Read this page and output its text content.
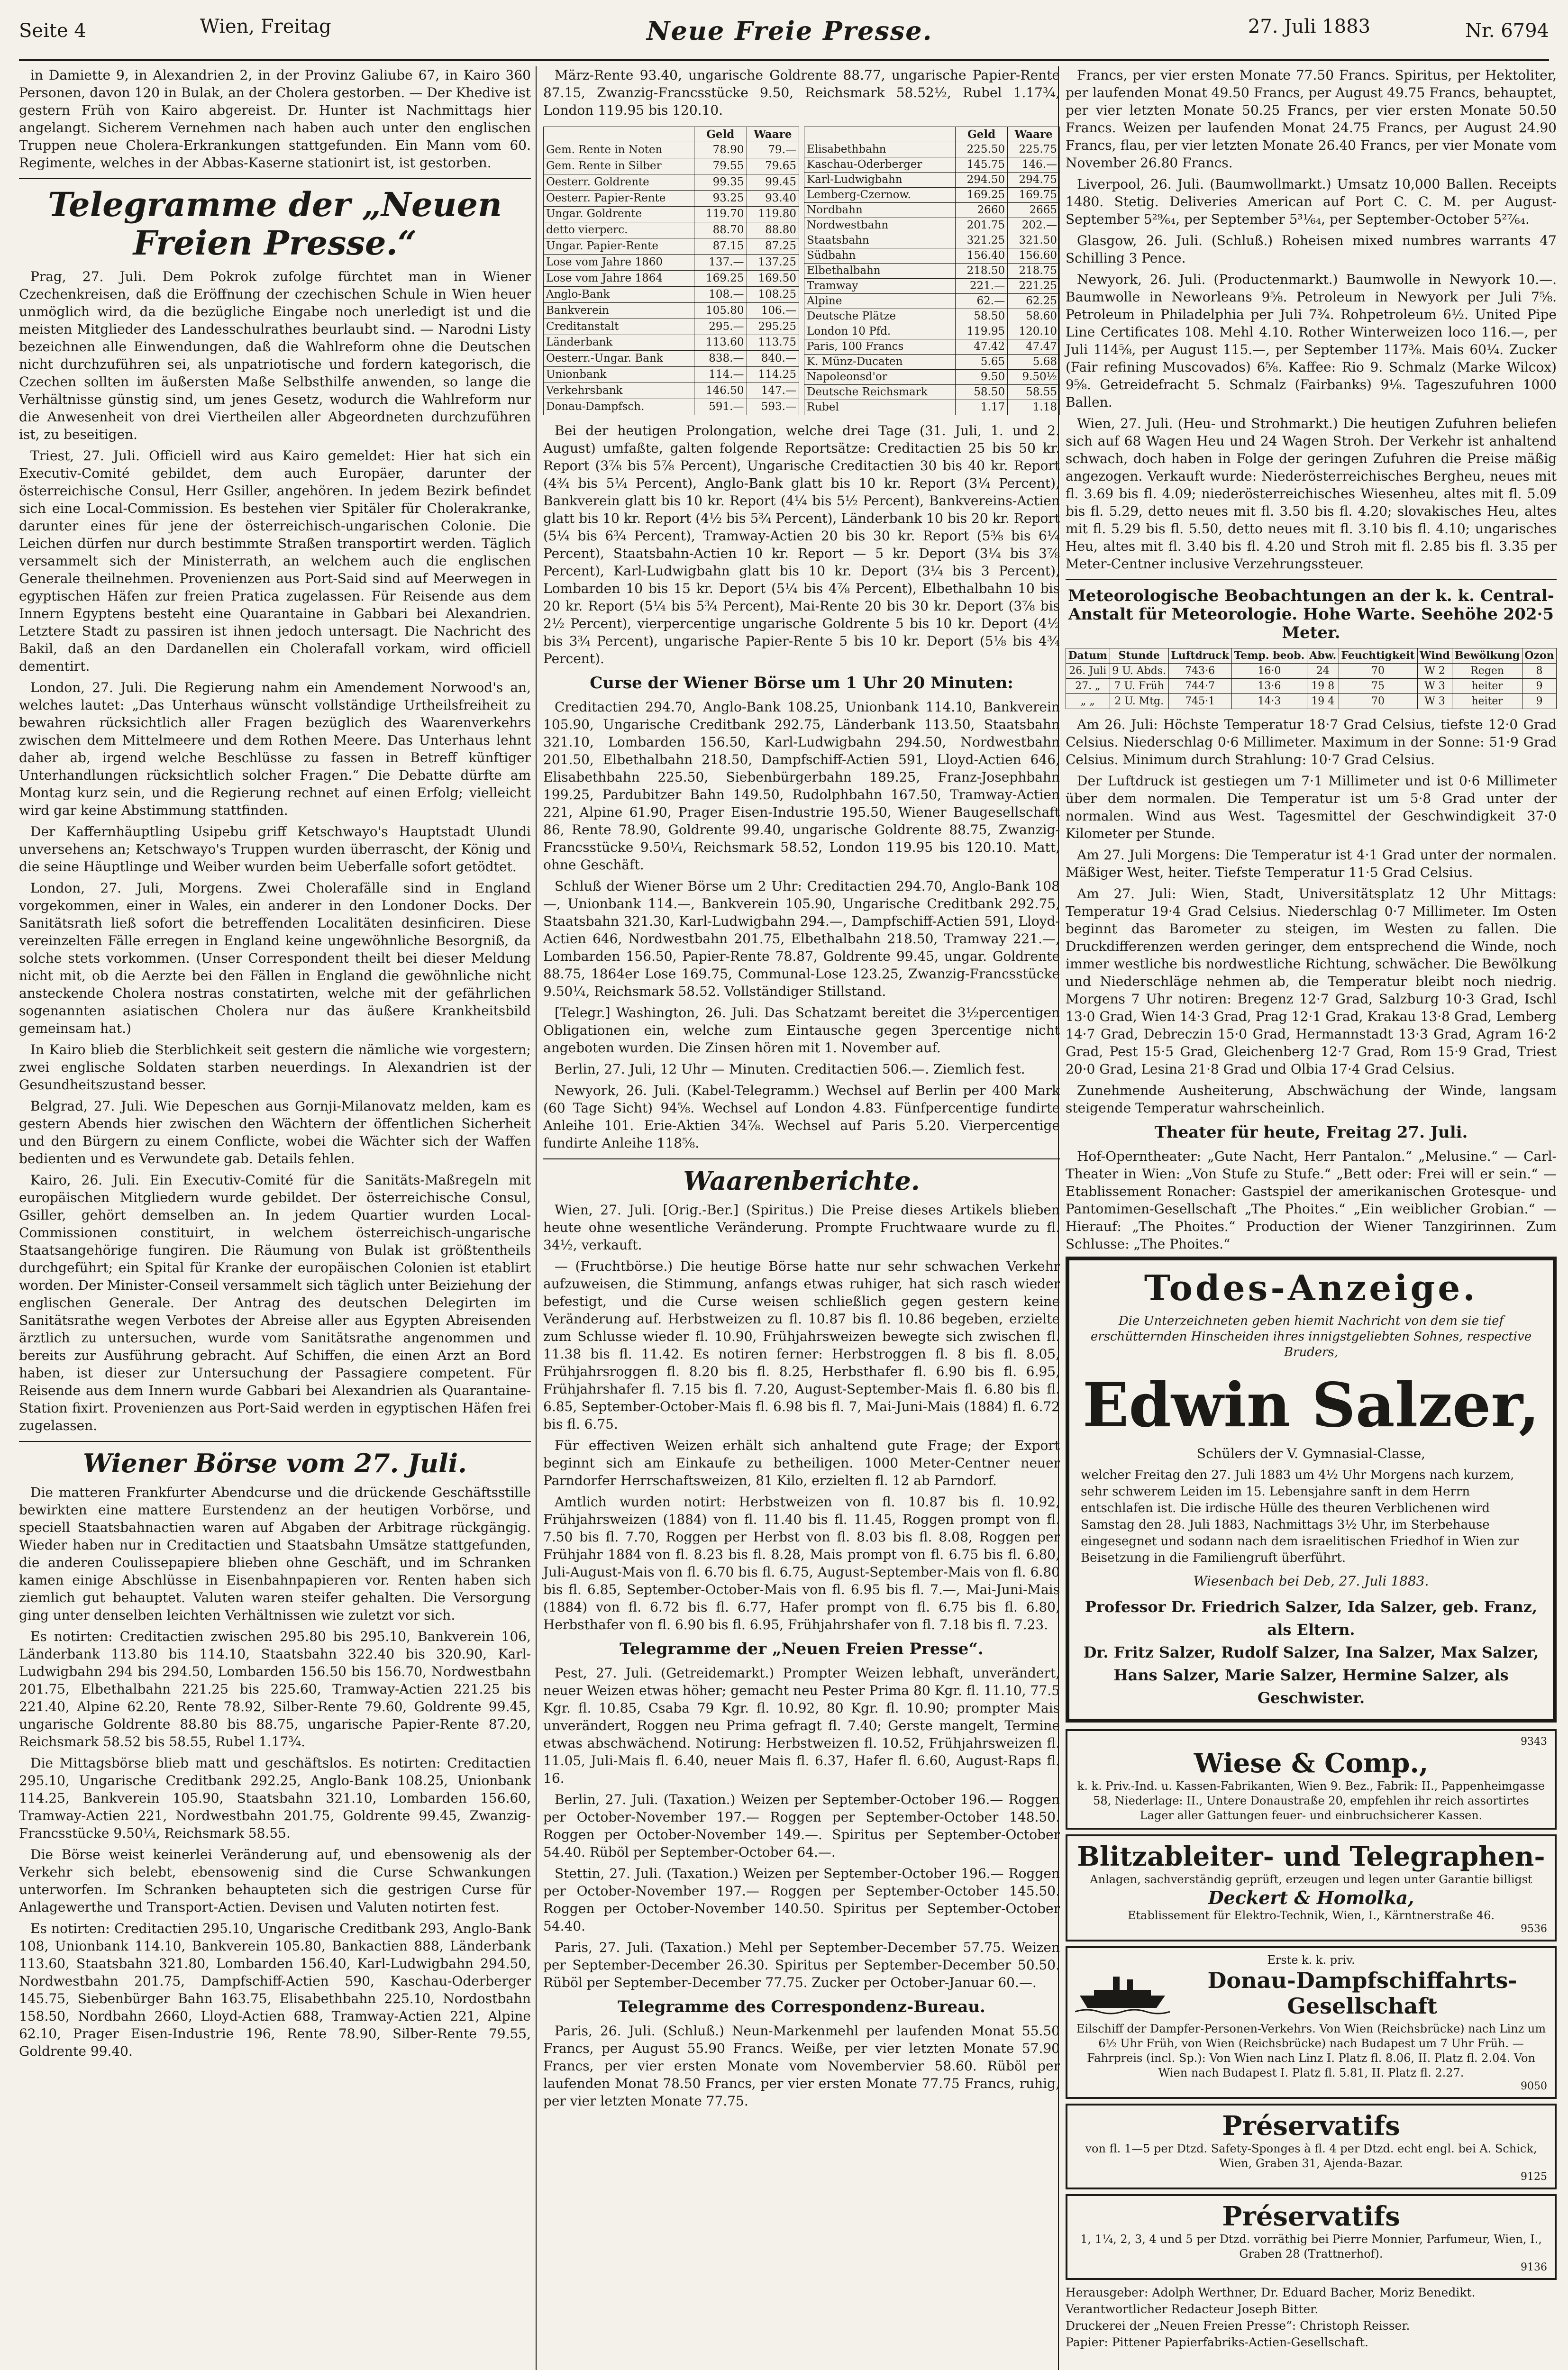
Seite 4	Wien, Freitag	Neue Freie Presse.	27. Juli 1883	Nr. 6794

in Damiette 9, in Alexandrien 2, in der Provinz Galiube 67, in Kairo 360 Personen, davon 120 in Bulak, an der Cholera gestorben. — Der Khedive ist gestern Früh von Kairo abgereist. Dr. Hunter ist Nachmittags hier angelangt. Sicherem Vernehmen nach haben auch unter den englischen Truppen neue Cholera-Erkrankungen stattgefunden. Ein Mann vom 60. Regimente, welches in der Abbas-Kaserne stationirt ist, ist gestorben.

Telegramme der „Neuen Freien Presse.“

Prag, 27. Juli. Dem Pokrok zufolge fürchtet man in Wiener Czechenkreisen, daß die Eröffnung der czechischen Schule in Wien heuer unmöglich wird, da die bezügliche Eingabe noch unerledigt ist und die meisten Mitglieder des Landesschulrathes beurlaubt sind. — Narodni Listy bezeichnen alle Einwendungen, daß die Wahlreform ohne die Deutschen nicht durchzuführen sei, als unpatriotische und fordern kategorisch, die Czechen sollten im äußersten Maße Selbsthilfe anwenden, so lange die Verhältnisse günstig sind, um jenes Gesetz, wodurch die Wahlreform nur die Anwesenheit von drei Viertheilen aller Abgeordneten durchzuführen ist, zu beseitigen.

Triest, 27. Juli. Officiell wird aus Kairo gemeldet: Hier hat sich ein Executiv-Comité gebildet, dem auch Europäer, darunter der österreichische Consul, Herr Gsiller, angehören. In jedem Bezirk befindet sich eine Local-Commission. Es bestehen vier Spitäler für Cholerakranke, darunter eines für jene der österreichisch-ungarischen Colonie. Die Leichen dürfen nur durch bestimmte Straßen transportirt werden. Täglich versammelt sich der Ministerrath, an welchem auch die englischen Generale theilnehmen. Provenienzen aus Port-Said sind auf Meerwegen in egyptischen Häfen zur freien Pratica zugelassen. Für Reisende aus dem Innern Egyptens besteht eine Quarantaine in Gabbari bei Alexandrien. Letztere Stadt zu passiren ist ihnen jedoch untersagt. Die Nachricht des Bakil, daß an den Dardanellen ein Cholerafall vorkam, wird officiell dementirt.

London, 27. Juli. Die Regierung nahm ein Amendement Norwood's an, welches lautet: „Das Unterhaus wünscht vollständige Urtheilsfreiheit zu bewahren rücksichtlich aller Fragen bezüglich des Waarenverkehrs zwischen dem Mittelmeere und dem Rothen Meere. Das Unterhaus lehnt daher ab, irgend welche Beschlüsse zu fassen in Betreff künftiger Unterhandlungen rücksichtlich solcher Fragen.“ Die Debatte dürfte am Montag kurz sein, und die Regierung rechnet auf einen Erfolg; vielleicht wird gar keine Abstimmung stattfinden.

Der Kaffernhäuptling Usipebu griff Ketschwayo's Hauptstadt Ulundi unversehens an; Ketschwayo's Truppen wurden überrascht, der König und die seine Häuptlinge und Weiber wurden beim Ueberfalle sofort getödtet.

London, 27. Juli, Morgens. Zwei Cholerafälle sind in England vorgekommen, einer in Wales, ein anderer in den Londoner Docks. Der Sanitätsrath ließ sofort die betreffenden Localitäten desinficiren. Diese vereinzelten Fälle erregen in England keine ungewöhnliche Besorgniß, da solche stets vorkommen. (Unser Correspondent theilt bei dieser Meldung nicht mit, ob die Aerzte bei den Fällen in England die gewöhnliche nicht ansteckende Cholera nostras constatirten, welche mit der gefährlichen sogenannten asiatischen Cholera nur das äußere Krankheitsbild gemeinsam hat.)

In Kairo blieb die Sterblichkeit seit gestern die nämliche wie vorgestern; zwei englische Soldaten starben neuerdings. In Alexandrien ist der Gesundheitszustand besser.

Belgrad, 27. Juli. Wie Depeschen aus Gornji-Milanovatz melden, kam es gestern Abends hier zwischen den Wächtern der öffentlichen Sicherheit und den Bürgern zu einem Conflicte, wobei die Wächter sich der Waffen bedienten und es Verwundete gab. Details fehlen.

Kairo, 26. Juli. Ein Executiv-Comité für die Sanitäts-Maßregeln mit europäischen Mitgliedern wurde gebildet. Der österreichische Consul, Gsiller, gehört demselben an. In jedem Quartier wurden Local-Commissionen constituirt, in welchem österreichisch-ungarische Staatsangehörige fungiren. Die Räumung von Bulak ist größtentheils durchgeführt; ein Spital für Kranke der europäischen Colonien ist etablirt worden. Der Minister-Conseil versammelt sich täglich unter Beiziehung der englischen Generale. Der Antrag des deutschen Delegirten im Sanitätsrathe wegen Verbotes der Abreise aller aus Egypten Abreisenden ärztlich zu untersuchen, wurde vom Sanitätsrathe angenommen und bereits zur Ausführung gebracht. Auf Schiffen, die einen Arzt an Bord haben, ist dieser zur Untersuchung der Passagiere competent. Für Reisende aus dem Innern wurde Gabbari bei Alexandrien als Quarantaine-Station fixirt. Provenienzen aus Port-Said werden in egyptischen Häfen frei zugelassen.

Wiener Börse vom 27. Juli.

Die matteren Frankfurter Abendcurse und die drückende Geschäftsstille bewirkten eine mattere Eurstendenz an der heutigen Vorbörse, und speciell Staatsbahnactien waren auf Abgaben der Arbitrage rückgängig. Wieder haben nur in Creditactien und Staatsbahn Umsätze stattgefunden, die anderen Coulissepapiere blieben ohne Geschäft, und im Schranken kamen einige Abschlüsse in Eisenbahnpapieren vor. Renten haben sich ziemlich gut behauptet. Valuten waren steifer gehalten. Die Versorgung ging unter denselben leichten Verhältnissen wie zuletzt vor sich.

Es notirten: Creditactien zwischen 295.80 bis 295.10, Bankverein 106, Länderbank 113.80 bis 114.10, Staatsbahn 322.40 bis 320.90, Karl-Ludwigbahn 294 bis 294.50, Lombarden 156.50 bis 156.70, Nordwestbahn 201.75, Elbethalbahn 221.25 bis 225.60, Tramway-Actien 221.25 bis 221.40, Alpine 62.20, Rente 78.92, Silber-Rente 79.60, Goldrente 99.45, ungarische Goldrente 88.80 bis 88.75, ungarische Papier-Rente 87.20, Reichsmark 58.52 bis 58.55, Rubel 1.17¾.

Die Mittagsbörse blieb matt und geschäftslos. Es notirten: Creditactien 295.10, Ungarische Creditbank 292.25, Anglo-Bank 108.25, Unionbank 114.25, Bankverein 105.90, Staatsbahn 321.10, Lombarden 156.60, Tramway-Actien 221, Nordwestbahn 201.75, Goldrente 99.45, Zwanzig-Francsstücke 9.50¼, Reichsmark 58.55.

Die Börse weist keinerlei Veränderung auf, und ebensowenig als der Verkehr sich belebt, ebensowenig sind die Curse Schwankungen unterworfen. Im Schranken behaupteten sich die gestrigen Curse für Anlagewerthe und Transport-Actien. Devisen und Valuten notirten fest.

Es notirten: Creditactien 295.10, Ungarische Creditbank 293, Anglo-Bank 108, Unionbank 114.10, Bankverein 105.80, Bankactien 888, Länderbank 113.60, Staatsbahn 321.80, Lombarden 156.40, Karl-Ludwigbahn 294.50, Nordwestbahn 201.75, Dampfschiff-Actien 590, Kaschau-Oderberger 145.75, Siebenbürger Bahn 163.75, Elisabethbahn 225.10, Nordostbahn 158.50, Nordbahn 2660, Lloyd-Actien 688, Tramway-Actien 221, Alpine 62.10, Prager Eisen-Industrie 196, Rente 78.90, Silber-Rente 79.55, Goldrente 99.40.

März-Rente 93.40, ungarische Goldrente 88.77, ungarische Papier-Rente 87.15, Zwanzig-Francsstücke 9.50, Reichsmark 58.52½, Rubel 1.17¾, London 119.95 bis 120.10.

	Geld	Waare
Gem. Rente in Noten	78.90	79.—
Gem. Rente in Silber	79.55	79.65
Oesterr. Goldrente	99.35	99.45
Oesterr. Papier-Rente	93.25	93.40
Ungar. Goldrente	119.70	119.80
detto vierperc.	88.70	88.80
Ungar. Papier-Rente	87.15	87.25
Lose vom Jahre 1860	137.—	137.25
Lose vom Jahre 1864	169.25	169.50
Anglo-Bank	108.—	108.25
Bankverein	105.80	106.—
Creditanstalt	295.—	295.25
Länderbank	113.60	113.75
Oesterr.-Ungar. Bank	838.—	840.—
Unionbank	114.—	114.25
Verkehrsbank	146.50	147.—
Donau-Dampfsch.	591.—	593.—
	Geld	Waare
Elisabethbahn	225.50	225.75
Kaschau-Oderberger	145.75	146.—
Karl-Ludwigbahn	294.50	294.75
Lemberg-Czernow.	169.25	169.75
Nordbahn	2660	2665
Nordwestbahn	201.75	202.—
Staatsbahn	321.25	321.50
Südbahn	156.40	156.60
Elbethalbahn	218.50	218.75
Tramway	221.—	221.25
Alpine	62.—	62.25
Deutsche Plätze	58.50	58.60
London 10 Pfd.	119.95	120.10
Paris, 100 Francs	47.42	47.47
K. Münz-Ducaten	5.65	5.68
Napoleonsd'or	9.50	9.50½
Deutsche Reichsmark	58.50	58.55
Rubel	1.17	1.18

Bei der heutigen Prolongation, welche drei Tage (31. Juli, 1. und 2. August) umfaßte, galten folgende Reportsätze: Creditactien 25 bis 50 kr. Report (3⅞ bis 5⅞ Percent), Ungarische Creditactien 30 bis 40 kr. Report (4¾ bis 5¼ Percent), Anglo-Bank glatt bis 10 kr. Report (3¼ Percent), Bankverein glatt bis 10 kr. Report (4¼ bis 5½ Percent), Bankvereins-Actien glatt bis 10 kr. Report (4½ bis 5¾ Percent), Länderbank 10 bis 20 kr. Report (5¼ bis 6¾ Percent), Tramway-Actien 20 bis 30 kr. Report (5⅜ bis 6¼ Percent), Staatsbahn-Actien 10 kr. Report — 5 kr. Deport (3¼ bis 3⅞ Percent), Karl-Ludwigbahn glatt bis 10 kr. Deport (3¼ bis 3 Percent), Lombarden 10 bis 15 kr. Deport (5¼ bis 4⅞ Percent), Elbethalbahn 10 bis 20 kr. Report (5¼ bis 5¾ Percent), Mai-Rente 20 bis 30 kr. Deport (3⅞ bis 2½ Percent), vierpercentige ungarische Goldrente 5 bis 10 kr. Deport (4½ bis 3¾ Percent), ungarische Papier-Rente 5 bis 10 kr. Deport (5⅛ bis 4¾ Percent).

Curse der Wiener Börse um 1 Uhr 20 Minuten:

Creditactien 294.70, Anglo-Bank 108.25, Unionbank 114.10, Bankverein 105.90, Ungarische Creditbank 292.75, Länderbank 113.50, Staatsbahn 321.10, Lombarden 156.50, Karl-Ludwigbahn 294.50, Nordwestbahn 201.50, Elbethalbahn 218.50, Dampfschiff-Actien 591, Lloyd-Actien 646, Elisabethbahn 225.50, Siebenbürgerbahn 189.25, Franz-Josephbahn 199.25, Pardubitzer Bahn 149.50, Rudolphbahn 167.50, Tramway-Actien 221, Alpine 61.90, Prager Eisen-Industrie 195.50, Wiener Baugesellschaft 86, Rente 78.90, Goldrente 99.40, ungarische Goldrente 88.75, Zwanzig-Francsstücke 9.50¼, Reichsmark 58.52, London 119.95 bis 120.10. Matt, ohne Geschäft.

Schluß der Wiener Börse um 2 Uhr: Creditactien 294.70, Anglo-Bank 108 —, Unionbank 114.—, Bankverein 105.90, Ungarische Creditbank 292.75, Staatsbahn 321.30, Karl-Ludwigbahn 294.—, Dampfschiff-Actien 591, Lloyd-Actien 646, Nordwestbahn 201.75, Elbethalbahn 218.50, Tramway 221.—, Lombarden 156.50, Papier-Rente 78.87, Goldrente 99.45, ungar. Goldrente 88.75, 1864er Lose 169.75, Communal-Lose 123.25, Zwanzig-Francsstücke 9.50¼, Reichsmark 58.52. Vollständiger Stillstand.

[Telegr.] Washington, 26. Juli. Das Schatzamt bereitet die 3½percentigen Obligationen ein, welche zum Eintausche gegen 3percentige nicht angeboten wurden. Die Zinsen hören mit 1. November auf.

Berlin, 27. Juli, 12 Uhr — Minuten. Creditactien 506.—. Ziemlich fest.

Newyork, 26. Juli. (Kabel-Telegramm.) Wechsel auf Berlin per 400 Mark (60 Tage Sicht) 94⅝. Wechsel auf London 4.83. Fünfpercentige fundirte Anleihe 101. Erie-Aktien 34⅞. Wechsel auf Paris 5.20. Vierpercentige fundirte Anleihe 118⅝.

Waarenberichte.

Wien, 27. Juli. [Orig.-Ber.] (Spiritus.) Die Preise dieses Artikels blieben heute ohne wesentliche Veränderung. Prompte Fruchtwaare wurde zu fl. 34½, verkauft.

— (Fruchtbörse.) Die heutige Börse hatte nur sehr schwachen Verkehr aufzuweisen, die Stimmung, anfangs etwas ruhiger, hat sich rasch wieder befestigt, und die Curse weisen schließlich gegen gestern keine Veränderung auf. Herbstweizen zu fl. 10.87 bis fl. 10.86 begeben, erzielte zum Schlusse wieder fl. 10.90, Frühjahrsweizen bewegte sich zwischen fl. 11.38 bis fl. 11.42. Es notiren ferner: Herbstroggen fl. 8 bis fl. 8.05, Frühjahrsroggen fl. 8.20 bis fl. 8.25, Herbsthafer fl. 6.90 bis fl. 6.95, Frühjahrshafer fl. 7.15 bis fl. 7.20, August-September-Mais fl. 6.80 bis fl. 6.85, September-October-Mais fl. 6.98 bis fl. 7, Mai-Juni-Mais (1884) fl. 6.72 bis fl. 6.75.

Für effectiven Weizen erhält sich anhaltend gute Frage; der Export beginnt sich am Einkaufe zu betheiligen. 1000 Meter-Centner neuer Parndorfer Herrschaftsweizen, 81 Kilo, erzielten fl. 12 ab Parndorf.

Amtlich wurden notirt: Herbstweizen von fl. 10.87 bis fl. 10.92, Frühjahrsweizen (1884) von fl. 11.40 bis fl. 11.45, Roggen prompt von fl. 7.50 bis fl. 7.70, Roggen per Herbst von fl. 8.03 bis fl. 8.08, Roggen per Frühjahr 1884 von fl. 8.23 bis fl. 8.28, Mais prompt von fl. 6.75 bis fl. 6.80, Juli-August-Mais von fl. 6.70 bis fl. 6.75, August-September-Mais von fl. 6.80 bis fl. 6.85, September-October-Mais von fl. 6.95 bis fl. 7.—, Mai-Juni-Mais (1884) von fl. 6.72 bis fl. 6.77, Hafer prompt von fl. 6.75 bis fl. 6.80, Herbsthafer von fl. 6.90 bis fl. 6.95, Frühjahrshafer von fl. 7.18 bis fl. 7.23.

Telegramme der „Neuen Freien Presse“.

Pest, 27. Juli. (Getreidemarkt.) Prompter Weizen lebhaft, unverändert, neuer Weizen etwas höher; gemacht neu Pester Prima 80 Kgr. fl. 11.10, 77.5 Kgr. fl. 10.85, Csaba 79 Kgr. fl. 10.92, 80 Kgr. fl. 10.90; prompter Mais unverändert, Roggen neu Prima gefragt fl. 7.40; Gerste mangelt, Termine etwas abschwächend. Notirung: Herbstweizen fl. 10.52, Frühjahrsweizen fl. 11.05, Juli-Mais fl. 6.40, neuer Mais fl. 6.37, Hafer fl. 6.60, August-Raps fl. 16.

Berlin, 27. Juli. (Taxation.) Weizen per September-October 196.— Roggen per October-November 197.— Roggen per September-October 148.50. Roggen per October-November 149.—. Spiritus per September-October 54.40. Rüböl per September-October 64.—.

Stettin, 27. Juli. (Taxation.) Weizen per September-October 196.— Roggen per October-November 197.— Roggen per September-October 145.50. Roggen per October-November 140.50. Spiritus per September-October 54.40.

Paris, 27. Juli. (Taxation.) Mehl per September-December 57.75. Weizen per September-December 26.30. Spiritus per September-December 50.50. Rüböl per September-December 77.75. Zucker per October-Januar 60.—.

Telegramme des Correspondenz-Bureau.

Paris, 26. Juli. (Schluß.) Neun-Markenmehl per laufenden Monat 55.50 Francs, per August 55.90 Francs. Weiße, per vier letzten Monate 57.90 Francs, per vier ersten Monate vom Novembervier 58.60. Rüböl per laufenden Monat 78.50 Francs, per vier ersten Monate 77.75 Francs, ruhig, per vier letzten Monate 77.75.

Francs, per vier ersten Monate 77.50 Francs. Spiritus, per Hektoliter, per laufenden Monat 49.50 Francs, per August 49.75 Francs, behauptet, per vier letzten Monate 50.25 Francs, per vier ersten Monate 50.50 Francs. Weizen per laufenden Monat 24.75 Francs, per August 24.90 Francs, flau, per vier letzten Monate 26.40 Francs, per vier Monate vom November 26.80 Francs.

Liverpool, 26. Juli. (Baumwollmarkt.) Umsatz 10,000 Ballen. Receipts 1480. Stetig. Deliveries American auf Port C. C. M. per August-September 5²⁹⁄₆₄, per September 5³¹⁄₆₄, per September-October 5²⁷⁄₆₄.

Glasgow, 26. Juli. (Schluß.) Roheisen mixed numbres warrants 47 Schilling 3 Pence.

Newyork, 26. Juli. (Productenmarkt.) Baumwolle in Newyork 10.—. Baumwolle in Neworleans 9⅝. Petroleum in Newyork per Juli 7⅝. Petroleum in Philadelphia per Juli 7¾. Rohpetroleum 6½. United Pipe Line Certificates 108. Mehl 4.10. Rother Winterweizen loco 116.—, per Juli 114⅝, per August 115.—, per September 117⅜. Mais 60¼. Zucker (Fair refining Muscovados) 6⅝. Kaffee: Rio 9. Schmalz (Marke Wilcox) 9⅝. Getreidefracht 5. Schmalz (Fairbanks) 9⅛. Tageszufuhren 1000 Ballen.

Wien, 27. Juli. (Heu- und Strohmarkt.) Die heutigen Zufuhren beliefen sich auf 68 Wagen Heu und 24 Wagen Stroh. Der Verkehr ist anhaltend schwach, doch haben in Folge der geringen Zufuhren die Preise mäßig angezogen. Verkauft wurde: Niederösterreichisches Bergheu, neues mit fl. 3.69 bis fl. 4.09; niederösterreichisches Wiesenheu, altes mit fl. 5.09 bis fl. 5.29, detto neues mit fl. 3.50 bis fl. 4.20; slovakisches Heu, altes mit fl. 5.29 bis fl. 5.50, detto neues mit fl. 3.10 bis fl. 4.10; ungarisches Heu, altes mit fl. 3.40 bis fl. 4.20 und Stroh mit fl. 2.85 bis fl. 3.35 per Meter-Centner inclusive Verzehrungssteuer.

Meteorologische Beobachtungen an der k. k. Central-Anstalt für Meteorologie. Hohe Warte. Seehöhe 202·5 Meter.
Datum	Stunde	Luftdruck	Temp. beob.	Abw.	Feuchtigkeit	Wind	Bewölkung	Ozon
26. Juli	9 U. Abds.	743·6	16·0	24	70	W 2	Regen	8
27. „	7 U. Früh	744·7	13·6	19 8	75	W 3	heiter	9
„ „	2 U. Mtg.	745·1	14·3	19 4	70	W 3	heiter	9

Am 26. Juli: Höchste Temperatur 18·7 Grad Celsius, tiefste 12·0 Grad Celsius. Niederschlag 0·6 Millimeter. Maximum in der Sonne: 51·9 Grad Celsius. Minimum durch Strahlung: 10·7 Grad Celsius.

Der Luftdruck ist gestiegen um 7·1 Millimeter und ist 0·6 Millimeter über dem normalen. Die Temperatur ist um 5·8 Grad unter der normalen. Wind aus West. Tagesmittel der Geschwindigkeit 37·0 Kilometer per Stunde.

Am 27. Juli Morgens: Die Temperatur ist 4·1 Grad unter der normalen. Mäßiger West, heiter. Tiefste Temperatur 11·5 Grad Celsius.

Am 27. Juli: Wien, Stadt, Universitätsplatz 12 Uhr Mittags: Temperatur 19·4 Grad Celsius. Niederschlag 0·7 Millimeter. Im Osten beginnt das Barometer zu steigen, im Westen zu fallen. Die Druckdifferenzen werden geringer, dem entsprechend die Winde, noch immer westliche bis nordwestliche Richtung, schwächer. Die Bewölkung und Niederschläge nehmen ab, die Temperatur bleibt noch niedrig. Morgens 7 Uhr notiren: Bregenz 12·7 Grad, Salzburg 10·3 Grad, Ischl 13·0 Grad, Wien 14·3 Grad, Prag 12·1 Grad, Krakau 13·8 Grad, Lemberg 14·7 Grad, Debreczin 15·0 Grad, Hermannstadt 13·3 Grad, Agram 16·2 Grad, Pest 15·5 Grad, Gleichenberg 12·7 Grad, Rom 15·9 Grad, Triest 20·0 Grad, Lesina 21·8 Grad und Olbia 17·4 Grad Celsius.

Zunehmende Ausheiterung, Abschwächung der Winde, langsam steigende Temperatur wahrscheinlich.

Theater für heute, Freitag 27. Juli.

Hof-Operntheater: „Gute Nacht, Herr Pantalon.“ „Melusine.“ — Carl-Theater in Wien: „Von Stufe zu Stufe.“ „Bett oder: Frei will er sein.“ — Etablissement Ronacher: Gastspiel der amerikanischen Grotesque- und Pantomimen-Gesellschaft „The Phoites.“ „Ein weiblicher Grobian.“ — Hierauf: „The Phoites.“ Production der Wiener Tanzgirinnen. Zum Schlusse: „The Phoites.“

Todes-Anzeige.
Die Unterzeichneten geben hiemit Nachricht von dem sie tief erschütternden Hinscheiden ihres innigstgeliebten Sohnes, respective Bruders,
Edwin Salzer,
Schülers der V. Gymnasial-Classe,
welcher Freitag den 27. Juli 1883 um 4½ Uhr Morgens nach kurzem, sehr schwerem Leiden im 15. Lebensjahre sanft in dem Herrn entschlafen ist. Die irdische Hülle des theuren Verblichenen wird Samstag den 28. Juli 1883, Nachmittags 3½ Uhr, im Sterbehause eingesegnet und sodann nach dem israelitischen Friedhof in Wien zur Beisetzung in die Familiengruft überführt.
Wiesenbach bei Deb, 27. Juli 1883.
Professor Dr. Friedrich Salzer, Ida Salzer, geb. Franz, als Eltern.
Dr. Fritz Salzer, Rudolf Salzer, Ina Salzer, Max Salzer, Hans Salzer, Marie Salzer, Hermine Salzer, als Geschwister.
9343
Wiese & Comp.,
k. k. Priv.-Ind. u. Kassen-Fabrikanten, Wien 9. Bez., Fabrik: II., Pappenheimgasse 58, Niederlage: II., Untere Donaustraße 20, empfehlen ihr reich assortirtes Lager aller Gattungen feuer- und einbruchsicherer Kassen.
Blitzableiter- und Telegraphen-
Anlagen, sachverständig geprüft, erzeugen und legen unter Garantie billigst
Deckert & Homolka,
Etablissement für Elektro-Technik, Wien, I., Kärntnerstraße 46.
9536
Erste k. k. priv.
Donau-Dampfschiffahrts-Gesellschaft
Eilschiff der Dampfer-Personen-Verkehrs. Von Wien (Reichsbrücke) nach Linz um 6½ Uhr Früh, von Wien (Reichsbrücke) nach Budapest um 7 Uhr Früh. — Fahrpreis (incl. Sp.): Von Wien nach Linz I. Platz fl. 8.06, II. Platz fl. 2.04. Von Wien nach Budapest I. Platz fl. 5.81, II. Platz fl. 2.27.
9050
Préservatifs
von fl. 1—5 per Dtzd. Safety-Sponges à fl. 4 per Dtzd. echt engl. bei A. Schick, Wien, Graben 31, Ajenda-Bazar.
9125
Préservatifs
1, 1¼, 2, 3, 4 und 5 per Dtzd. vorräthig bei Pierre Monnier, Parfumeur, Wien, I., Graben 28 (Trattnerhof).
9136
Herausgeber: Adolph Werthner, Dr. Eduard Bacher, Moriz Benedikt.
Verantwortlicher Redacteur Joseph Bitter.
Druckerei der „Neuen Freien Presse“: Christoph Reisser.
Papier: Pittener Papierfabriks-Actien-Gesellschaft.
